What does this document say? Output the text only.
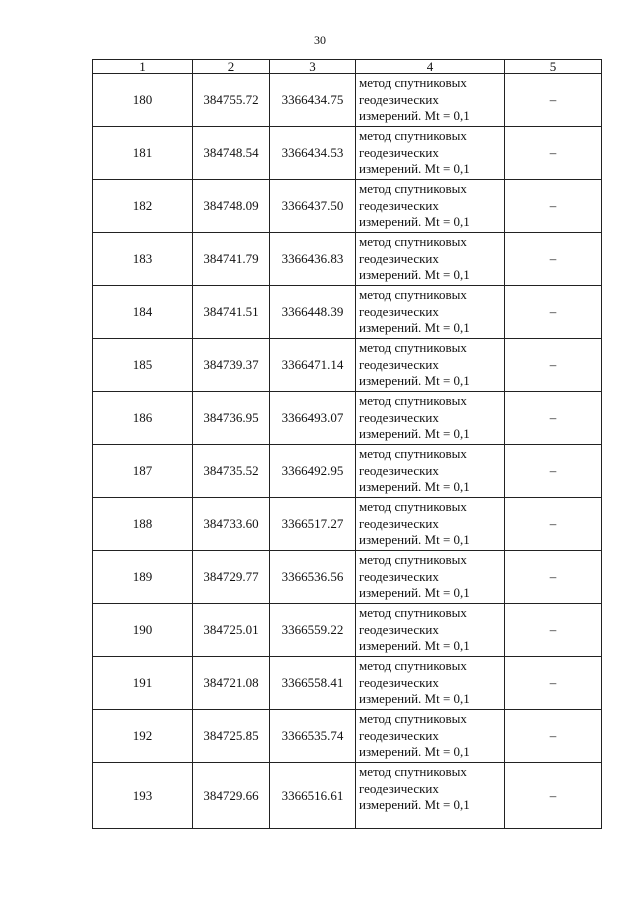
30
1	2	3	4	5
180	384755.72	3366434.75	метод спутниковых
геодезических
измерений. Mt = 0,1	–
181	384748.54	3366434.53	метод спутниковых
геодезических
измерений. Mt = 0,1	–
182	384748.09	3366437.50	метод спутниковых
геодезических
измерений. Mt = 0,1	–
183	384741.79	3366436.83	метод спутниковых
геодезических
измерений. Mt = 0,1	–
184	384741.51	3366448.39	метод спутниковых
геодезических
измерений. Mt = 0,1	–
185	384739.37	3366471.14	метод спутниковых
геодезических
измерений. Mt = 0,1	–
186	384736.95	3366493.07	метод спутниковых
геодезических
измерений. Mt = 0,1	–
187	384735.52	3366492.95	метод спутниковых
геодезических
измерений. Mt = 0,1	–
188	384733.60	3366517.27	метод спутниковых
геодезических
измерений. Mt = 0,1	–
189	384729.77	3366536.56	метод спутниковых
геодезических
измерений. Mt = 0,1	–
190	384725.01	3366559.22	метод спутниковых
геодезических
измерений. Mt = 0,1	–
191	384721.08	3366558.41	метод спутниковых
геодезических
измерений. Mt = 0,1	–
192	384725.85	3366535.74	метод спутниковых
геодезических
измерений. Mt = 0,1	–
193	384729.66	3366516.61	метод спутниковых
геодезических
измерений. Mt = 0,1	–
